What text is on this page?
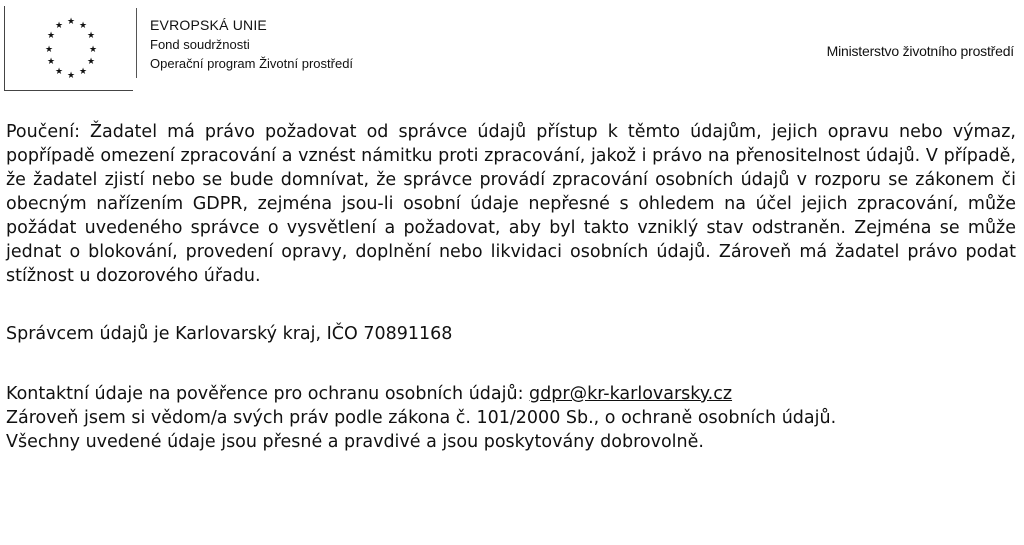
★
★ ★
★	★
★	★
★	★
★ ★
★
EVROPSKÁ UNIE
Fond soudržnosti
Operační program Životní prostředí
Ministerstvo životního prostředí

Poučení: Žadatel má právo požadovat od správce údajů přístup k těmto údajům, jejich opravu nebo výmaz, popřípadě omezení zpracování a vznést námitku proti zpracování, jakož i právo na přenositelnost údajů. V případě, že žadatel zjistí nebo se bude domnívat, že správce provádí zpracování osobních údajů v rozporu se zákonem či obecným nařízením GDPR, zejména jsou-li osobní údaje nepřesné s ohledem na účel jejich zpracování, může požádat uvedeného správce o vysvětlení a požadovat, aby byl takto vzniklý stav odstraněn. Zejména se může jednat o blokování, provedení opravy, doplnění nebo likvidaci osobních údajů. Zároveň má žadatel právo podat stížnost u dozorového úřadu.

Správcem údajů je Karlovarský kraj, IČO 70891168

Kontaktní údaje na pověřence pro ochranu osobních údajů: gdpr@kr-karlovarsky.cz

Zároveň jsem si vědom/a svých práv podle zákona č. 101/2000 Sb., o ochraně osobních údajů.

Všechny uvedené údaje jsou přesné a pravdivé a jsou poskytovány dobrovolně.
